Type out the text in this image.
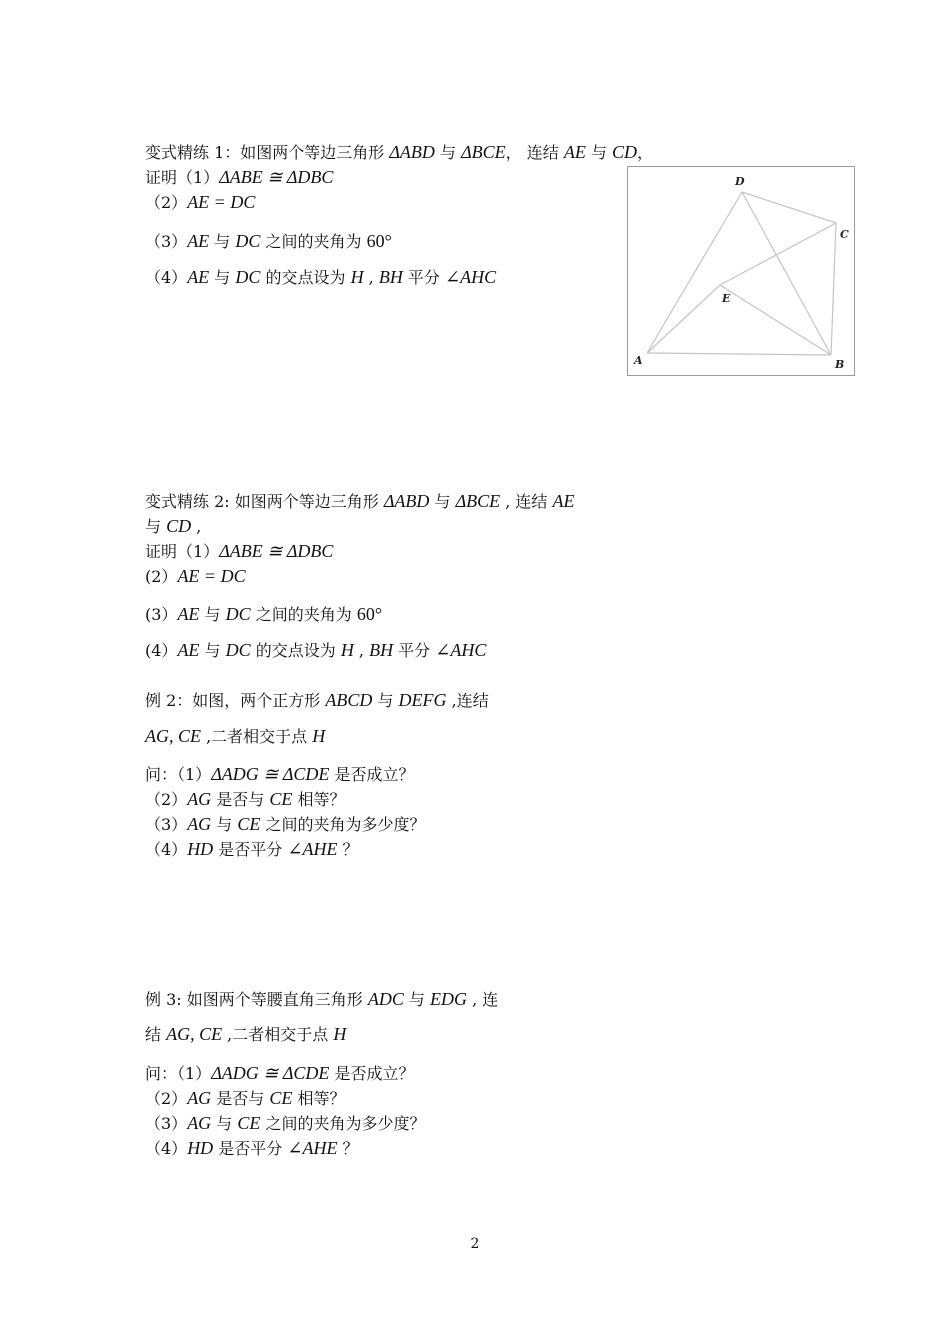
变式精练 1：如图两个等边三角形 ΔABD 与 ΔBCE， 连结 AE 与 CD，
证明（1）ΔABE ≅ ΔDBC
（2）AE = DC
（3）AE 与 DC 之间的夹角为 60°
（4）AE 与 DC 的交点设为 H , BH 平分 ∠AHC
D
C
E
A	B
变式精练 2: 如图两个等边三角形 ΔABD 与 ΔBCE , 连结 AE
与 CD ,
证明（1）ΔABE ≅ ΔDBC
(2）AE = DC
(3）AE 与 DC 之间的夹角为 60°
(4）AE 与 DC 的交点设为 H , BH 平分 ∠AHC
例 2：如图，两个正方形 ABCD 与 DEFG ,连结
AG, CE ,二者相交于点 H
问：（1）ΔADG ≅ ΔCDE 是否成立？
（2）AG 是否与 CE 相等？
（3）AG 与 CE 之间的夹角为多少度？
（4）HD 是否平分 ∠AHE ？
例 3: 如图两个等腰直角三角形 ADC 与 EDG , 连
结 AG, CE ,二者相交于点 H
问：（1）ΔADG ≅ ΔCDE 是否成立？
（2）AG 是否与 CE 相等？
（3）AG 与 CE 之间的夹角为多少度？
（4）HD 是否平分 ∠AHE ？
2
